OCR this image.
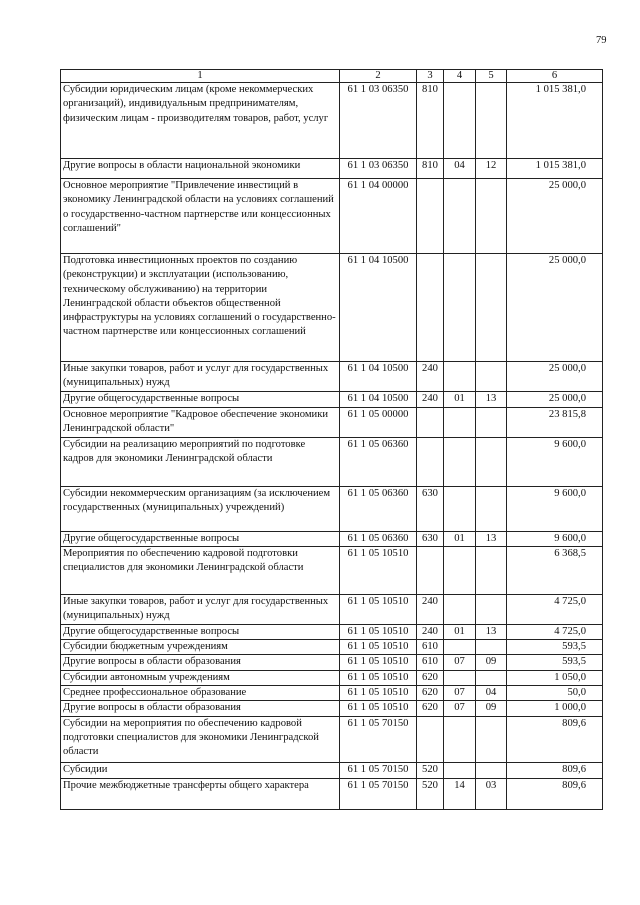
79
1	2	3	4	5	6
Субсидии юридическим лицам (кроме некоммерческих организаций), индивидуальным предпринимателям, физическим лицам - производителям товаров, работ, услуг	61 1 03 06350	810			1 015 381,0
Другие вопросы в области национальной экономики	61 1 03 06350	810	04	12	1 015 381,0
Основное мероприятие "Привлечение инвестиций в экономику Ленинградской области на условиях соглашений о государственно-частном партнерстве или концессионных соглашений"	61 1 04 00000				25 000,0
Подготовка инвестиционных проектов по созданию (реконструкции) и эксплуатации (использованию, техническому обслуживанию) на территории Ленинградской области объектов общественной инфраструктуры на условиях соглашений о государственно-частном партнерстве или концессионных соглашений	61 1 04 10500				25 000,0
Иные закупки товаров, работ и услуг для государственных (муниципальных) нужд	61 1 04 10500	240			25 000,0
Другие общегосударственные вопросы	61 1 04 10500	240	01	13	25 000,0
Основное мероприятие "Кадровое обеспечение экономики Ленинградской области"	61 1 05 00000				23 815,8
Субсидии на реализацию мероприятий по подготовке кадров для экономики Ленинградской области	61 1 05 06360				9 600,0
Субсидии некоммерческим организациям (за исключением государственных (муниципальных) учреждений)	61 1 05 06360	630			9 600,0
Другие общегосударственные вопросы	61 1 05 06360	630	01	13	9 600,0
Мероприятия по обеспечению кадровой подготовки специалистов для экономики Ленинградской области	61 1 05 10510				6 368,5
Иные закупки товаров, работ и услуг для государственных (муниципальных) нужд	61 1 05 10510	240			4 725,0
Другие общегосударственные вопросы	61 1 05 10510	240	01	13	4 725,0
Субсидии бюджетным учреждениям	61 1 05 10510	610			593,5
Другие вопросы в области образования	61 1 05 10510	610	07	09	593,5
Субсидии автономным учреждениям	61 1 05 10510	620			1 050,0
Среднее профессиональное образование	61 1 05 10510	620	07	04	50,0
Другие вопросы в области образования	61 1 05 10510	620	07	09	1 000,0
Субсидии на мероприятия по обеспечению кадровой подготовки специалистов для экономики Ленинградской области	61 1 05 70150				809,6
Субсидии	61 1 05 70150	520			809,6
Прочие межбюджетные трансферты общего характера	61 1 05 70150	520	14	03	809,6
